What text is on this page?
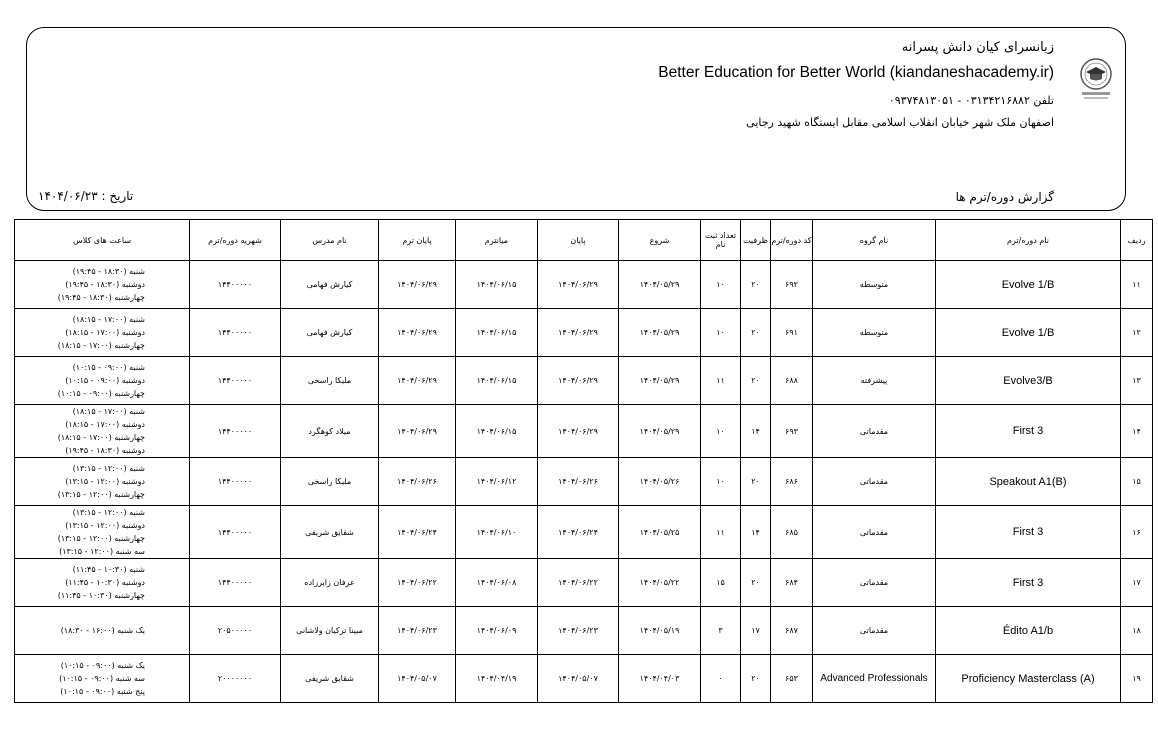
زبانسرای کیان دانش پسرانه
Better Education for Better World (kiandaneshacademy.ir)
تلفن ۰۳۱۳۴۲۱۶۸۸۲ - ۰۹۳۷۴۸۱۳۰۵۱
اصفهان ملک شهر خیابان انقلاب اسلامی مقابل ایستگاه شهید رجایی
گزارش دوره/ترم ها
تاریخ : ۱۴۰۴/۰۶/۲۳
ردیف	نام دوره/ترم	نام گروه	کد دوره/ترم	ظرفیت	تعداد ثبت نام	شروع	پایان	میانترم	پایان ترم	نام مدرس	شهریه دوره/ترم	ساعت های کلاس
۱۱	Evolve 1/B	متوسطه	۶۹۲	۲۰	۱۰	۱۴۰۴/۰۵/۲۹	۱۴۰۴/۰۶/۲۹	۱۴۰۴/۰۶/۱۵	۱۴۰۴/۰۶/۲۹	کیارش فهامی	۱۴۴۰۰۰۰۰	شنبه (۱۸:۳۰ - ۱۹:۴۵)
دوشنبه (۱۸:۳۰ - ۱۹:۴۵)
چهارشنبه (۱۸:۳۰ - ۱۹:۴۵)

۱۲	Evolve 1/B	متوسطه	۶۹۱	۲۰	۱۰	۱۴۰۴/۰۵/۲۹	۱۴۰۴/۰۶/۲۹	۱۴۰۴/۰۶/۱۵	۱۴۰۴/۰۶/۲۹	کیارش فهامی	۱۴۴۰۰۰۰۰	شنبه (۱۷:۰۰ - ۱۸:۱۵)
دوشنبه (۱۷:۰۰ - ۱۸:۱۵)
چهارشنبه (۱۷:۰۰ - ۱۸:۱۵)

۱۳	Evolve3/B	پیشرفته	۶۸۸	۲۰	۱۱	۱۴۰۴/۰۵/۲۹	۱۴۰۴/۰۶/۲۹	۱۴۰۴/۰۶/۱۵	۱۴۰۴/۰۶/۲۹	ملیکا راسخی	۱۴۴۰۰۰۰۰	شنبه (۰۹:۰۰ - ۱۰:۱۵)
دوشنبه (۰۹:۰۰ - ۱۰:۱۵)
چهارشنبه (۰۹:۰۰ - ۱۰:۱۵)

۱۴	First 3	مقدماتی	۶۹۳	۱۴	۱۰	۱۴۰۴/۰۵/۲۹	۱۴۰۴/۰۶/۲۹	۱۴۰۴/۰۶/۱۵	۱۴۰۴/۰۶/۲۹	میلاد کوهگرد	۱۴۴۰۰۰۰۰	شنبه (۱۷:۰۰ - ۱۸:۱۵)
دوشنبه (۱۷:۰۰ - ۱۸:۱۵)
چهارشنبه (۱۷:۰۰ - ۱۸:۱۵)
دوشنبه (۱۸:۳۰ - ۱۹:۴۵)

۱۵	Speakout A1(B)	مقدماتی	۶۸۶	۲۰	۱۰	۱۴۰۴/۰۵/۲۶	۱۴۰۴/۰۶/۲۶	۱۴۰۴/۰۶/۱۲	۱۴۰۴/۰۶/۲۶	ملیکا راسخی	۱۴۴۰۰۰۰۰	شنبه (۱۲:۰۰ - ۱۳:۱۵)
دوشنبه (۱۲:۰۰ - ۱۳:۱۵)
چهارشنبه (۱۲:۰۰ - ۱۳:۱۵)

۱۶	First 3	مقدماتی	۶۸۵	۱۴	۱۱	۱۴۰۴/۰۵/۲۵	۱۴۰۴/۰۶/۲۴	۱۴۰۴/۰۶/۱۰	۱۴۰۴/۰۶/۲۴	شقایق شریفی	۱۴۴۰۰۰۰۰	شنبه (۱۲:۰۰ - ۱۳:۱۵)
دوشنبه (۱۲:۰۰ - ۱۳:۱۵)
چهارشنبه (۱۲:۰۰ - ۱۳:۱۵)
سه شنبه (۱۲:۰۰ - ۱۳:۱۵)

۱۷	First 3	مقدماتی	۶۸۴	۲۰	۱۵	۱۴۰۴/۰۵/۲۲	۱۴۰۴/۰۶/۲۲	۱۴۰۴/۰۶/۰۸	۱۴۰۴/۰۶/۲۲	عرفان زایرزاده	۱۴۴۰۰۰۰۰	شنبه (۱۰:۳۰ - ۱۱:۴۵)
دوشنبه (۱۰:۳۰ - ۱۱:۴۵)
چهارشنبه (۱۰:۳۰ - ۱۱:۴۵)

۱۸	Édito A1/b	مقدماتی	۶۸۷	۱۷	۳	۱۴۰۴/۰۵/۱۹	۱۴۰۴/۰۶/۲۳	۱۴۰۴/۰۶/۰۹	۱۴۰۴/۰۶/۲۳	مبینا ترکیان ولاشانی	۲۰۵۰۰۰۰۰	یک شنبه (۱۶:۰۰ - ۱۸:۳۰)

۱۹	Proficiency Masterclass (A)	Advanced Professionals	۶۵۳	۲۰	۰	۱۴۰۴/۰۴/۰۳	۱۴۰۴/۰۵/۰۷	۱۴۰۴/۰۴/۱۹	۱۴۰۴/۰۵/۰۷	شقایق شریفی	۲۰۰۰۰۰۰۰	یک شنبه (۰۹:۰۰ - ۱۰:۱۵)
سه شنبه (۰۹:۰۰ - ۱۰:۱۵)
پنج شنبه (۰۹:۰۰ - ۱۰:۱۵)
